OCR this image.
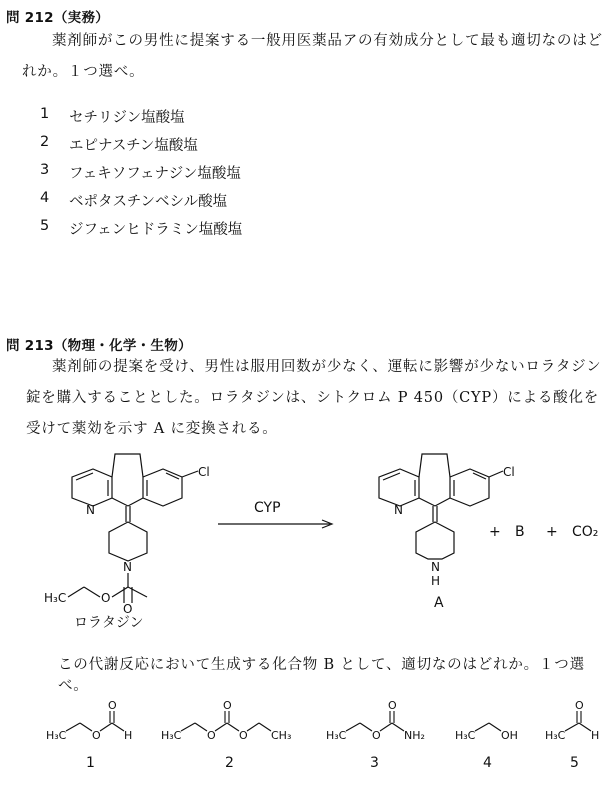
問 212（実務）
薬剤師がこの男性に提案する一般用医薬品アの有効成分として最も適切なのはど
れか。１つ選べ。
1 セチリジン塩酸塩
2 エピナスチン塩酸塩
3 フェキソフェナジン塩酸塩
4 ベポタスチンベシル酸塩
5 ジフェンヒドラミン塩酸塩
問 213（物理・化学・生物）
薬剤師の提案を受け、男性は服用回数が少なく、運転に影響が少ないロラタジン
錠を購入することとした。ロラタジンは、シトクロム P 450（CYP）による酸化を
受けて薬効を示す A に変換される。
Cl
N
N
O
O
H₃C
Cl
N
N
H
CYP
+ B + CO₂
A
ロラタジン
この代謝反応において生成する化合物 B として、適切なのはどれか。１つ選べ。
H₃C O
O
H	H₃C O
O
O CH₃	H₃C O
O
NH₂	H₃C OH H₃C
O
H
1	2	3	4	5
